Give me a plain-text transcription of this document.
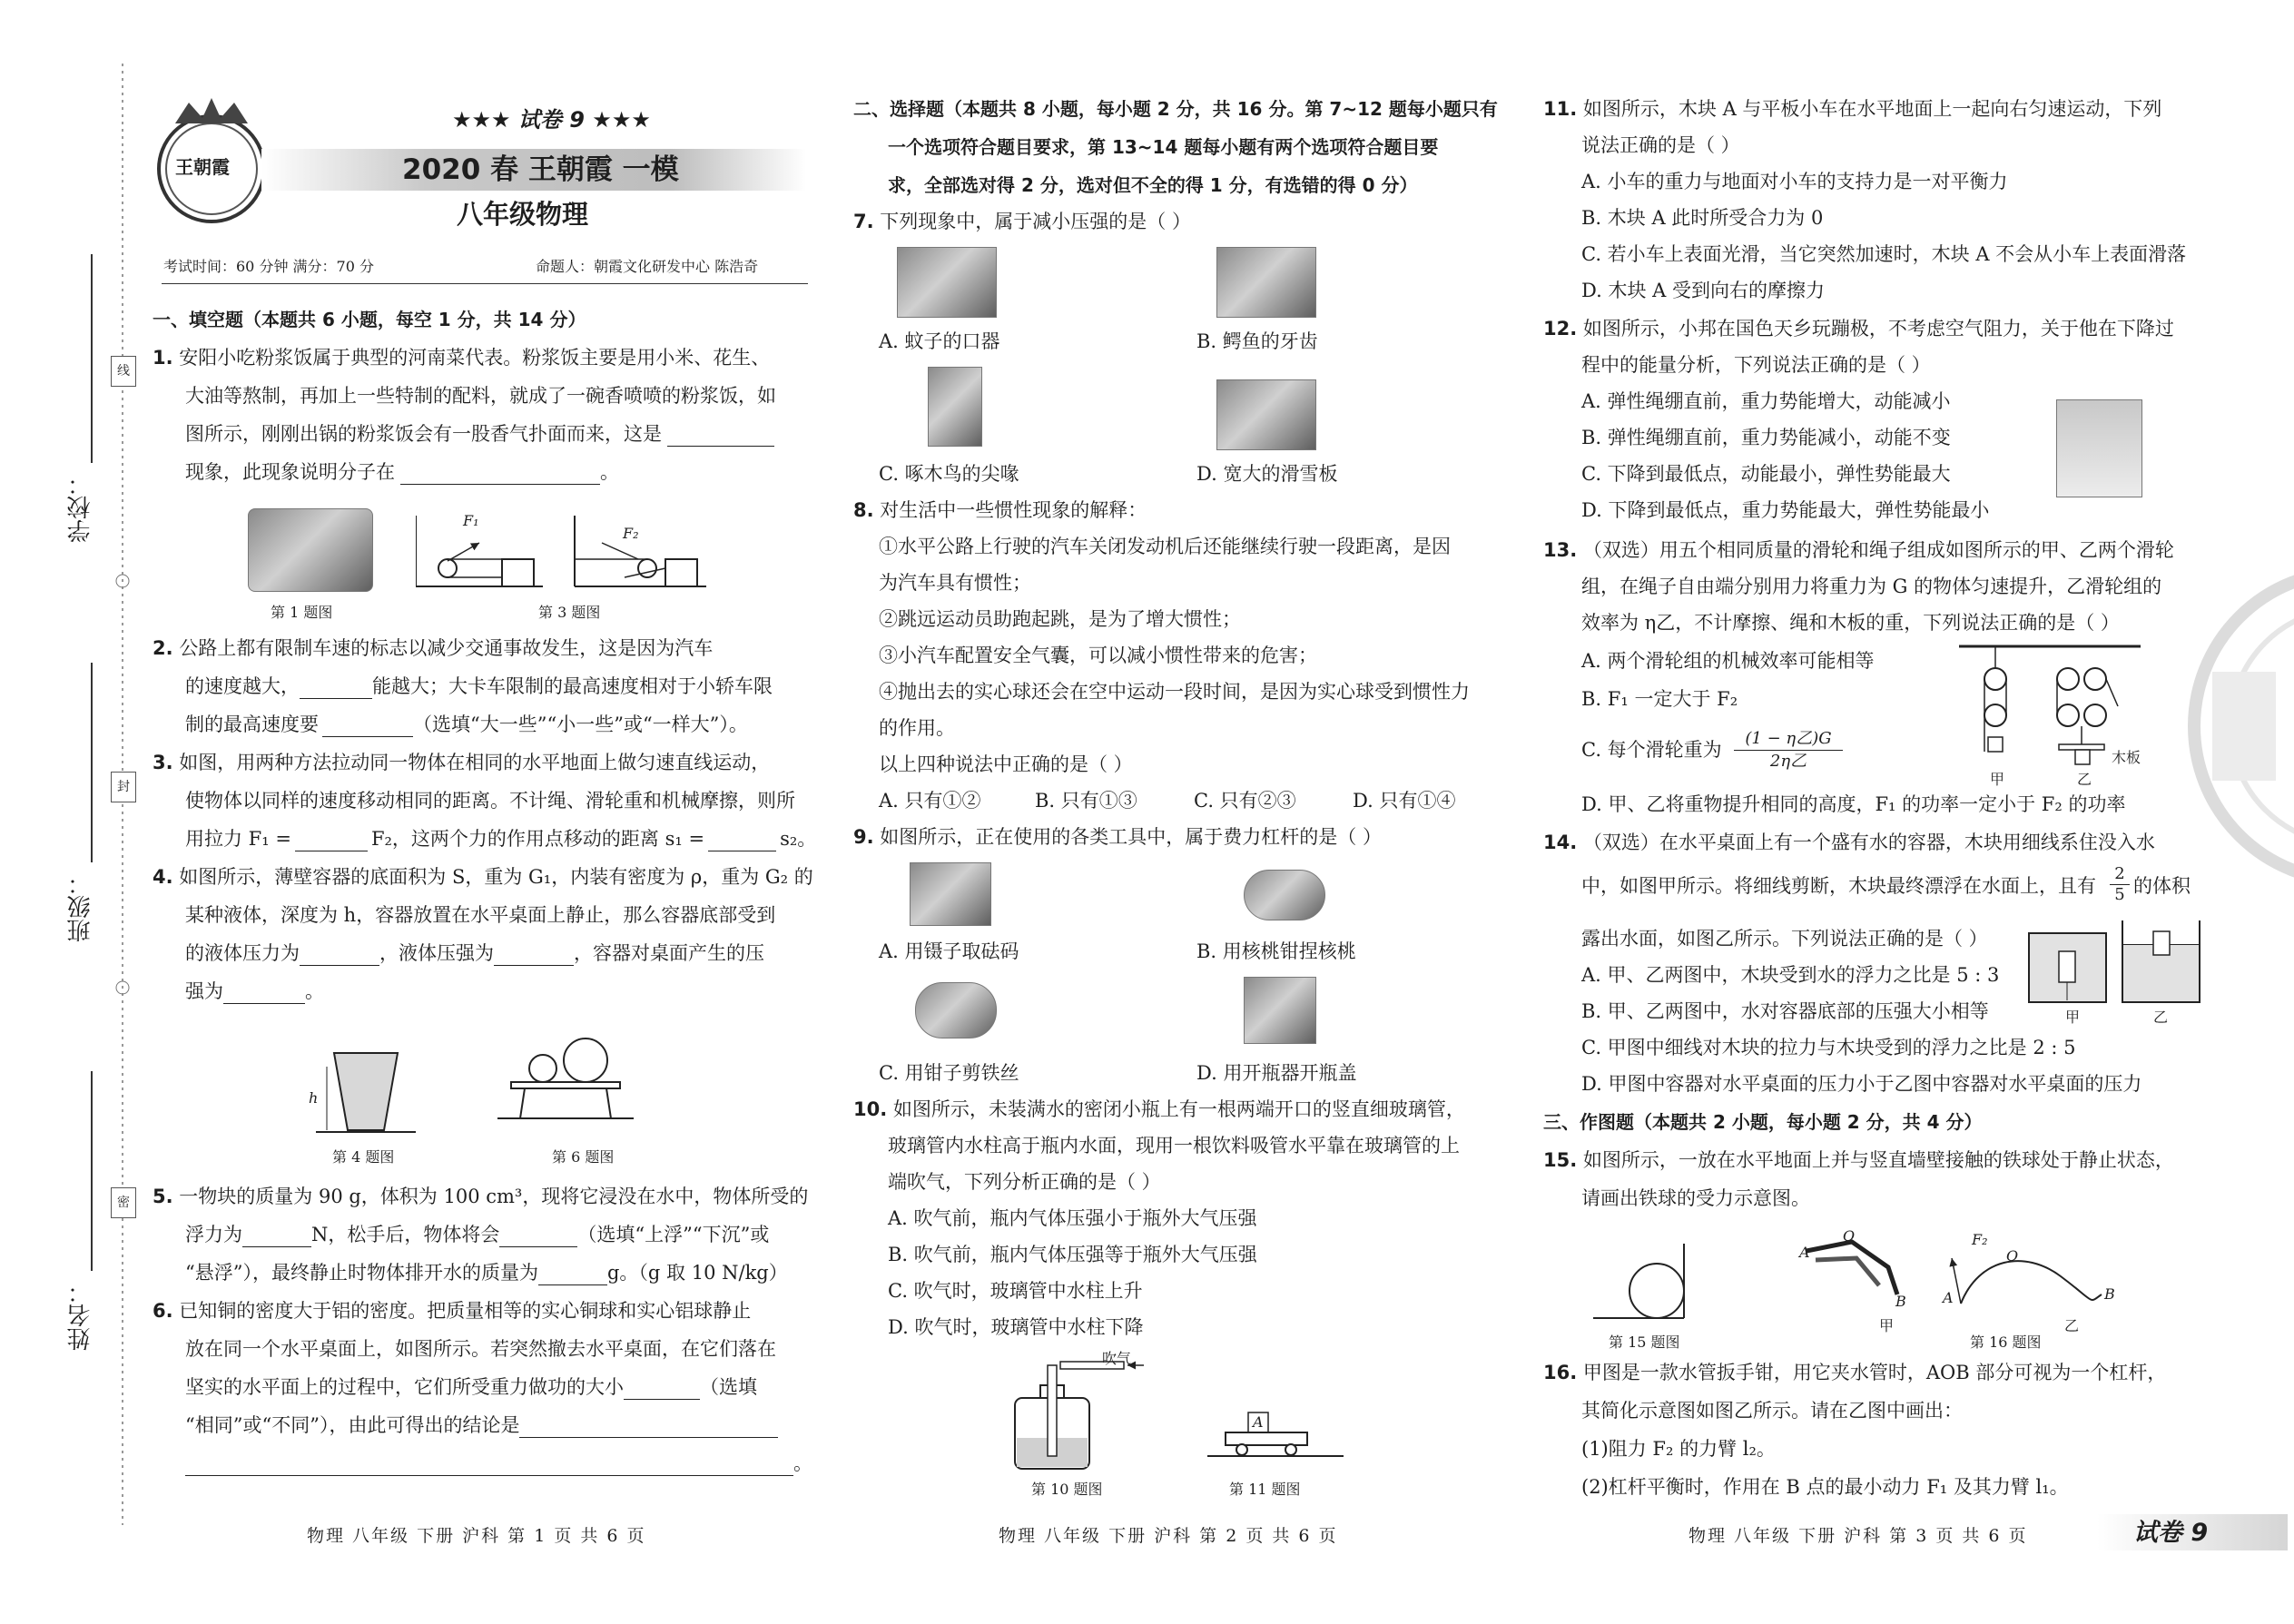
线
封
密
学校：
班级：
姓名：
王朝霞
★★★ 试卷 9 ★★★
2020 春 王朝霞 一模
八年级物理
考试时间：60 分钟 满分：70 分	命题人：朝霞文化研发中心 陈浩奇
一、填空题（本题共 6 小题，每空 1 分，共 14 分）
1. 安阳小吃粉浆饭属于典型的河南菜代表。粉浆饭主要是用小米、花生、
大油等熬制，再加上一些特制的配料，就成了一碗香喷喷的粉浆饭，如
图所示，刚刚出锅的粉浆饭会有一股香气扑面而来，这是
现象，此现象说明分子在	。
第 1 题图
F₁
F₂
第 3 题图
2. 公路上都有限制车速的标志以减少交通事故发生，这是因为汽车
的速度越大，	能越大；大卡车限制的最高速度相对于小轿车限
制的最高速度要	（选填“大一些”“小一些”或“一样大”）。
3. 如图，用两种方法拉动同一物体在相同的水平地面上做匀速直线运动，
使物体以同样的速度移动相同的距离。不计绳、滑轮重和机械摩擦，则所
用拉力 F₁ =	F₂，这两个力的作用点移动的距离 s₁ =	s₂。
4. 如图所示，薄壁容器的底面积为 S，重为 G₁，内装有密度为 ρ，重为 G₂ 的
某种液体，深度为 h，容器放置在水平桌面上静止，那么容器底部受到
的液体压力为	，液体压强为	，容器对桌面产生的压
强为	。
h
第 4 题图	第 6 题图
5. 一物块的质量为 90 g，体积为 100 cm³，现将它浸没在水中，物体所受的
浮力为	N，松手后，物体将会	（选填“上浮”“下沉”或
“悬浮”），最终静止时物体排开水的质量为	g。（g 取 10 N/kg）
6. 已知铜的密度大于铝的密度。把质量相等的实心铜球和实心铝球静止
放在同一个水平桌面上，如图所示。若突然撤去水平桌面，在它们落在
坚实的水平面上的过程中，它们所受重力做功的大小	（选填
“相同”或“不同”），由此可得出的结论是
。
物理 八年级 下册 沪科 第 1 页 共 6 页
二、选择题（本题共 8 小题，每小题 2 分，共 16 分。第 7~12 题每小题只有
一个选项符合题目要求，第 13~14 题每小题有两个选项符合题目要
求，全部选对得 2 分，选对但不全的得 1 分，有选错的得 0 分）
7. 下列现象中，属于减小压强的是（ ）
A. 蚊子的口器	B. 鳄鱼的牙齿
C. 啄木鸟的尖喙	D. 宽大的滑雪板
8. 对生活中一些惯性现象的解释：
①水平公路上行驶的汽车关闭发动机后还能继续行驶一段距离，是因
为汽车具有惯性；
②跳远运动员助跑起跳，是为了增大惯性；
③小汽车配置安全气囊，可以减小惯性带来的危害；
④抛出去的实心球还会在空中运动一段时间，是因为实心球受到惯性力
的作用。
以上四种说法中正确的是（ ）
A. 只有①②	B. 只有①③	C. 只有②③	D. 只有①④
9. 如图所示，正在使用的各类工具中，属于费力杠杆的是（ ）
A. 用镊子取砝码	B. 用核桃钳捏核桃
C. 用钳子剪铁丝	D. 用开瓶器开瓶盖
10. 如图所示，未装满水的密闭小瓶上有一根两端开口的竖直细玻璃管，
玻璃管内水柱高于瓶内水面，现用一根饮料吸管水平靠在玻璃管的上
端吹气，下列分析正确的是（ ）
A. 吹气前，瓶内气体压强小于瓶外大气压强
B. 吹气前，瓶内气体压强等于瓶外大气压强
C. 吹气时，玻璃管中水柱上升
D. 吹气时，玻璃管中水柱下降
吹气
第 10 题图
A
第 11 题图
物理 八年级 下册 沪科 第 2 页 共 6 页
11. 如图所示，木块 A 与平板小车在水平地面上一起向右匀速运动，下列
说法正确的是（ ）
A. 小车的重力与地面对小车的支持力是一对平衡力
B. 木块 A 此时所受合力为 0
C. 若小车上表面光滑，当它突然加速时，木块 A 不会从小车上表面滑落
D. 木块 A 受到向右的摩擦力
12. 如图所示，小邦在国色天乡玩蹦极，不考虑空气阻力，关于他在下降过
程中的能量分析，下列说法正确的是（ ）
A. 弹性绳绷直前，重力势能增大，动能减小
B. 弹性绳绷直前，重力势能减小，动能不变
C. 下降到最低点，动能最小，弹性势能最大
D. 下降到最低点，重力势能最大，弹性势能最小
13. （双选）用五个相同质量的滑轮和绳子组成如图所示的甲、乙两个滑轮
组，在绳子自由端分别用力将重力为 G 的物体匀速提升，乙滑轮组的
效率为 η乙，不计摩擦、绳和木板的重，下列说法正确的是（ ）
A. 两个滑轮组的机械效率可能相等
B. F₁ 一定大于 F₂
C. 每个滑轮重为
(1 − η乙)G
2η乙
D. 甲、乙将重物提升相同的高度，F₁ 的功率一定小于 F₂ 的功率
甲	乙
木板
14. （双选）在水平桌面上有一个盛有水的容器，木块用细线系住没入水
中，如图甲所示。将细线剪断，木块最终漂浮在水面上，且有 $\frac{2}{5}$ 的体积
露出水面，如图乙所示。下列说法正确的是（ ）
A. 甲、乙两图中，木块受到水的浮力之比是 5 : 3
B. 甲、乙两图中，水对容器底部的压强大小相等
C. 甲图中细线对木块的拉力与木块受到的浮力之比是 2 : 5
D. 甲图中容器对水平桌面的压力小于乙图中容器对水平桌面的压力
甲	乙
三、作图题（本题共 2 小题，每小题 2 分，共 4 分）
15. 如图所示，一放在水平地面上并与竖直墙壁接触的铁球处于静止状态，
请画出铁球的受力示意图。
第 15 题图
A
O
B
甲
A
F₂
O
B
乙
第 16 题图
16. 甲图是一款水管扳手钳，用它夹水管时，AOB 部分可视为一个杠杆，
其简化示意图如图乙所示。请在乙图中画出：
(1)阻力 F₂ 的力臂 l₂。
(2)杠杆平衡时，作用在 B 点的最小动力 F₁ 及其力臂 l₁。
物理 八年级 下册 沪科 第 3 页 共 6 页	试卷 9
